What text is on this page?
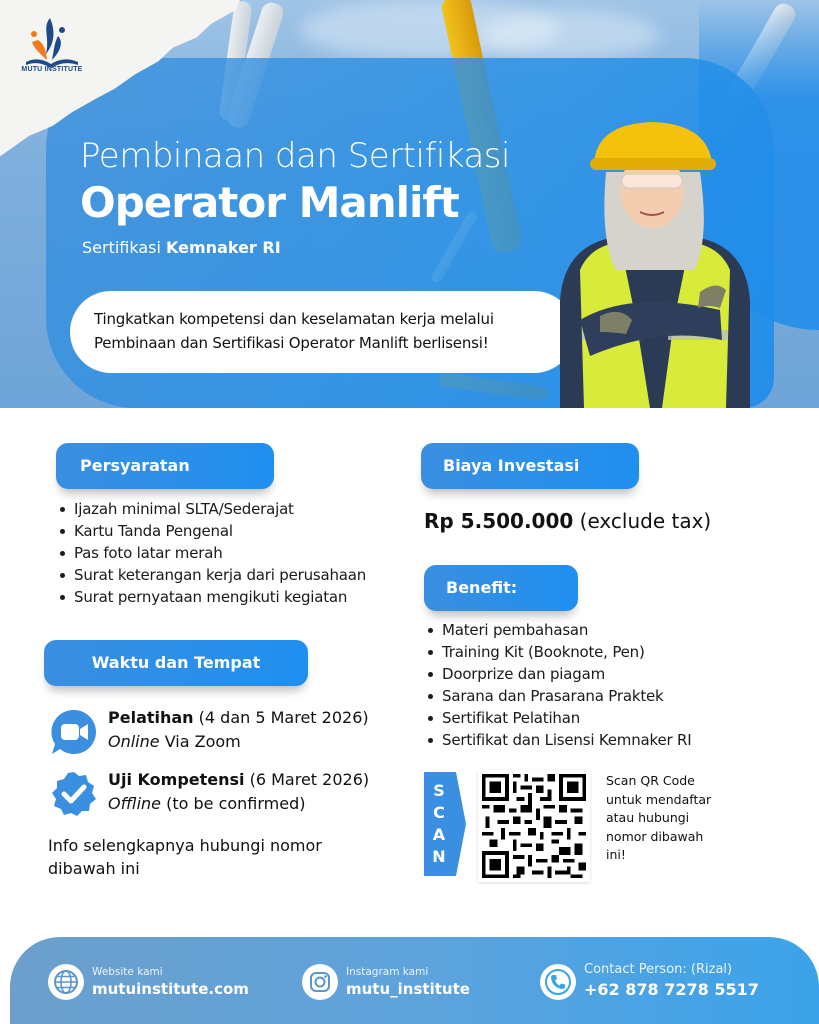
MUTU INSTITUTE
Pembinaan dan Sertifikasi
Operator Manlift
Sertifikasi Kemnaker RI
Tingkatkan kompetensi dan keselamatan kerja melalui
Pembinaan dan Sertifikasi Operator Manlift berlisensi!
Persyaratan
Ijazah minimal SLTA/Sederajat
Kartu Tanda Pengenal
Pas foto latar merah
Surat keterangan kerja dari perusahaan
Surat pernyataan mengikuti kegiatan
Biaya Investasi
Rp 5.500.000 (exclude tax)
Benefit:
Materi pembahasan
Training Kit (Booknote, Pen)
Doorprize dan piagam
Sarana dan Prasarana Praktek
Sertifikat Pelatihan
Sertifikat dan Lisensi Kemnaker RI
Waktu dan Tempat
Pelatihan (4 dan 5 Maret 2026)
Online Via Zoom
Uji Kompetensi (6 Maret 2026)
Offline (to be confirmed)
Info selengkapnya hubungi nomor dibawah ini
S
C
A
N
Scan QR Code untuk mendaftar atau hubungi nomor dibawah ini!
Website kami
mutuinstitute.com
Instagram kami
mutu_institute
Contact Person: (Rizal)
+62 878 7278 5517
